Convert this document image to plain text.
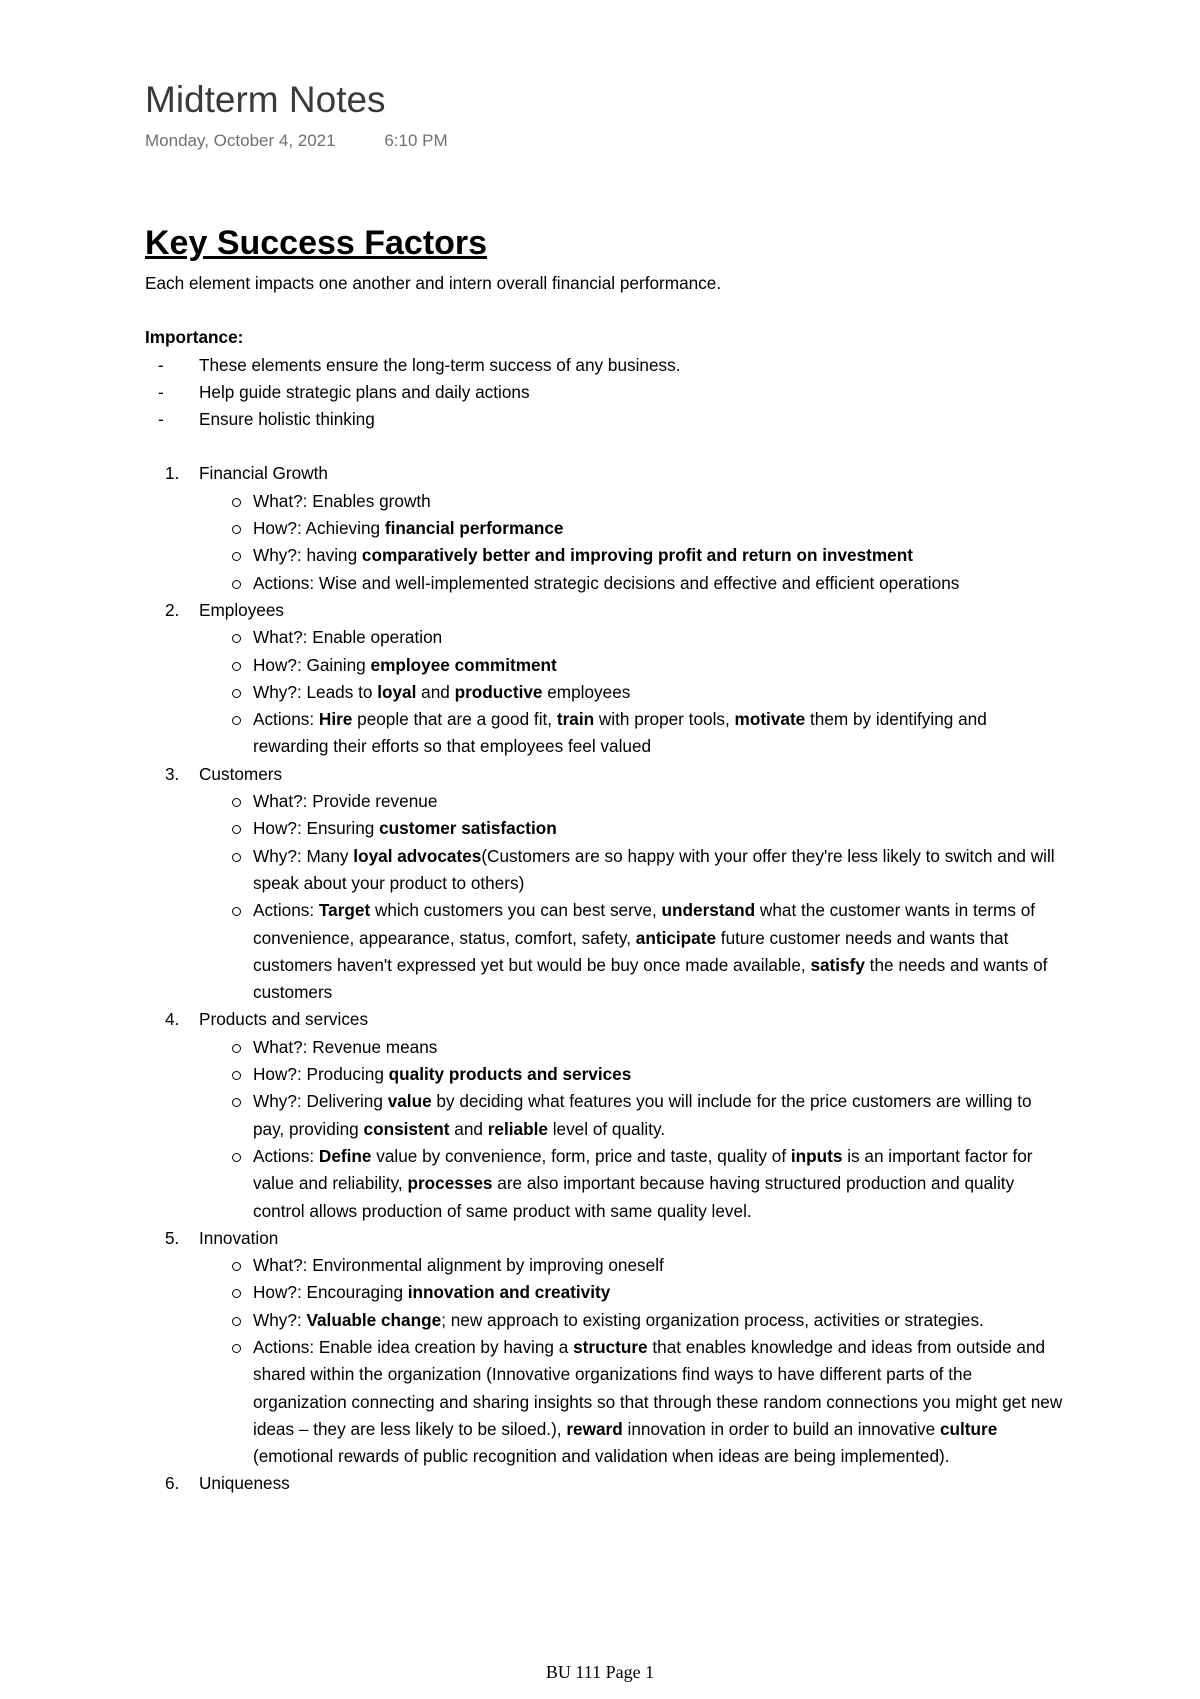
Midterm Notes
Monday, October 4, 2021	6:10 PM
Key Success Factors

Each element impacts one another and intern overall financial performance.

Importance:

- These elements ensure the long-term success of any business.
- Help guide strategic plans and daily actions
- Ensure holistic thinking
1. Financial Growth
What?: Enables growth
How?: Achieving financial performance
Why?: having comparatively better and improving profit and return on investment
Actions: Wise and well-implemented strategic decisions and effective and efficient operations
2. Employees
What?: Enable operation
How?: Gaining employee commitment
Why?: Leads to loyal and productive employees
Actions: Hire people that are a good fit, train with proper tools, motivate them by identifying and rewarding their efforts so that employees feel valued
3. Customers
What?: Provide revenue
How?: Ensuring customer satisfaction
Why?: Many loyal advocates(Customers are so happy with your offer they're less likely to switch and will speak about your product to others)
Actions: Target which customers you can best serve, understand what the customer wants in terms of convenience, appearance, status, comfort, safety, anticipate future customer needs and wants that customers haven't expressed yet but would be buy once made available, satisfy the needs and wants of customers
4. Products and services
What?: Revenue means
How?: Producing quality products and services
Why?: Delivering value by deciding what features you will include for the price customers are willing to pay, providing consistent and reliable level of quality.
Actions: Define value by convenience, form, price and taste, quality of inputs is an important factor for value and reliability, processes are also important because having structured production and quality control allows production of same product with same quality level.
5. Innovation
What?: Environmental alignment by improving oneself
How?: Encouraging innovation and creativity
Why?: Valuable change; new approach to existing organization process, activities or strategies.
Actions: Enable idea creation by having a structure that enables knowledge and ideas from outside and shared within the organization (Innovative organizations find ways to have different parts of the organization connecting and sharing insights so that through these random connections you might get new ideas – they are less likely to be siloed.), reward innovation in order to build an innovative culture (emotional rewards of public recognition and validation when ideas are being implemented).
6. Uniqueness
BU 111 Page 1
